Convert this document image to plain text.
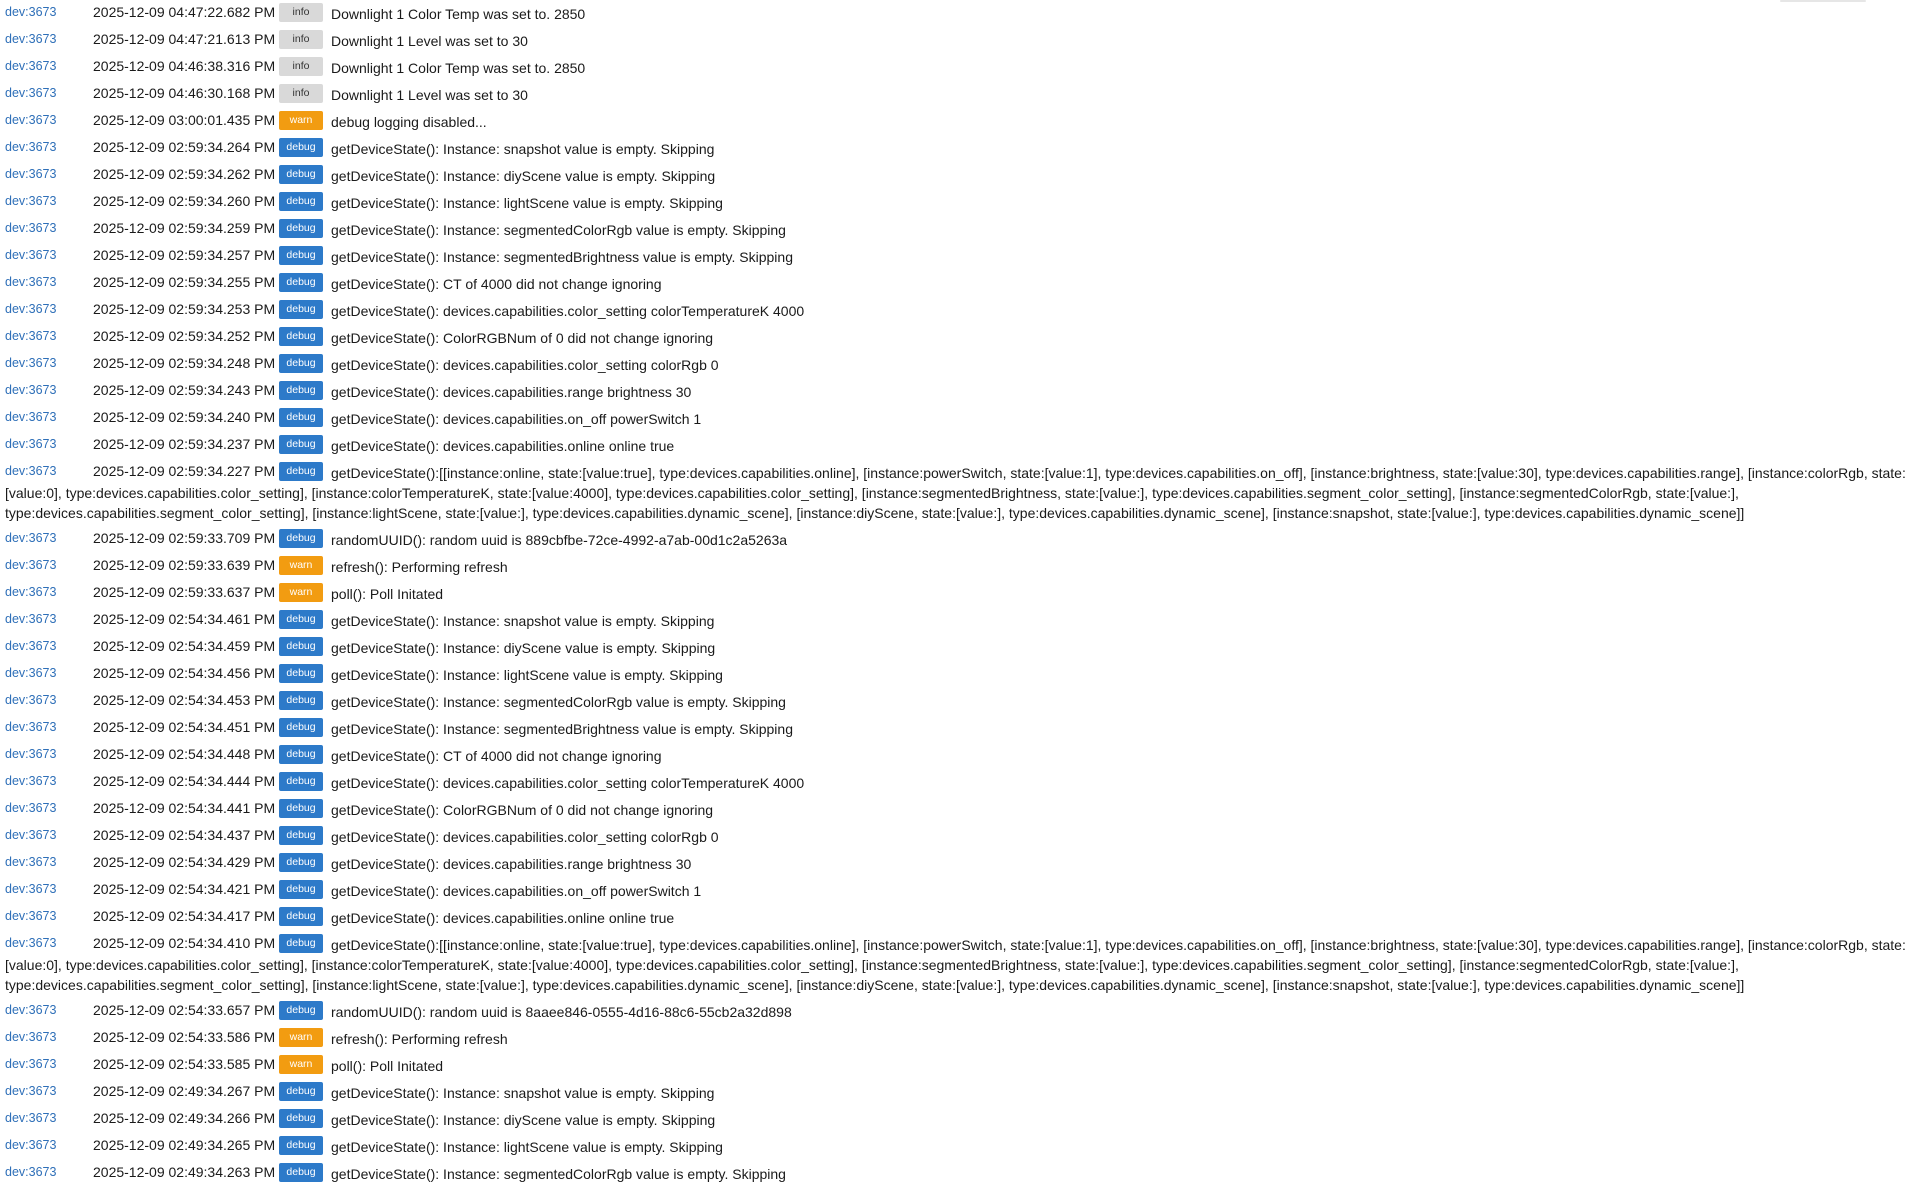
dev:3673	2025-12-09 04:47:22.682 PM	info	Downlight 1 Color Temp was set to. 2850
dev:3673	2025-12-09 04:47:21.613 PM	info	Downlight 1 Level was set to 30
dev:3673	2025-12-09 04:46:38.316 PM	info	Downlight 1 Color Temp was set to. 2850
dev:3673	2025-12-09 04:46:30.168 PM	info	Downlight 1 Level was set to 30
dev:3673	2025-12-09 03:00:01.435 PM	warn	debug logging disabled...
dev:3673	2025-12-09 02:59:34.264 PM	debug	getDeviceState(): Instance: snapshot value is empty. Skipping
dev:3673	2025-12-09 02:59:34.262 PM	debug	getDeviceState(): Instance: diyScene value is empty. Skipping
dev:3673	2025-12-09 02:59:34.260 PM	debug	getDeviceState(): Instance: lightScene value is empty. Skipping
dev:3673	2025-12-09 02:59:34.259 PM	debug	getDeviceState(): Instance: segmentedColorRgb value is empty. Skipping
dev:3673	2025-12-09 02:59:34.257 PM	debug	getDeviceState(): Instance: segmentedBrightness value is empty. Skipping
dev:3673	2025-12-09 02:59:34.255 PM	debug	getDeviceState(): CT of 4000 did not change ignoring
dev:3673	2025-12-09 02:59:34.253 PM	debug	getDeviceState(): devices.capabilities.color_setting colorTemperatureK 4000
dev:3673	2025-12-09 02:59:34.252 PM	debug	getDeviceState(): ColorRGBNum of 0 did not change ignoring
dev:3673	2025-12-09 02:59:34.248 PM	debug	getDeviceState(): devices.capabilities.color_setting colorRgb 0
dev:3673	2025-12-09 02:59:34.243 PM	debug	getDeviceState(): devices.capabilities.range brightness 30
dev:3673	2025-12-09 02:59:34.240 PM	debug	getDeviceState(): devices.capabilities.on_off powerSwitch 1
dev:3673	2025-12-09 02:59:34.237 PM	debug	getDeviceState(): devices.capabilities.online online true
dev:3673	2025-12-09 02:59:34.227 PM	debug	getDeviceState():[[instance:online, state:[value:true], type:devices.capabilities.online], [instance:powerSwitch, state:[value:1], type:devices.capabilities.on_off], [instance:brightness, state:[value:30], type:devices.capabilities.range], [instance:colorRgb, state:[value:0], type:devices.capabilities.color_setting], [instance:colorTemperatureK, state:[value:4000], type:devices.capabilities.color_setting], [instance:segmentedBrightness, state:[value:], type:devices.capabilities.segment_color_setting], [instance:segmentedColorRgb, state:[value:], type:devices.capabilities.segment_color_setting], [instance:lightScene, state:[value:], type:devices.capabilities.dynamic_scene], [instance:diyScene, state:[value:], type:devices.capabilities.dynamic_scene], [instance:snapshot, state:[value:], type:devices.capabilities.dynamic_scene]]
dev:3673	2025-12-09 02:59:33.709 PM	debug	randomUUID(): random uuid is 889cbfbe-72ce-4992-a7ab-00d1c2a5263a
dev:3673	2025-12-09 02:59:33.639 PM	warn	refresh(): Performing refresh
dev:3673	2025-12-09 02:59:33.637 PM	warn	poll(): Poll Initated
dev:3673	2025-12-09 02:54:34.461 PM	debug	getDeviceState(): Instance: snapshot value is empty. Skipping
dev:3673	2025-12-09 02:54:34.459 PM	debug	getDeviceState(): Instance: diyScene value is empty. Skipping
dev:3673	2025-12-09 02:54:34.456 PM	debug	getDeviceState(): Instance: lightScene value is empty. Skipping
dev:3673	2025-12-09 02:54:34.453 PM	debug	getDeviceState(): Instance: segmentedColorRgb value is empty. Skipping
dev:3673	2025-12-09 02:54:34.451 PM	debug	getDeviceState(): Instance: segmentedBrightness value is empty. Skipping
dev:3673	2025-12-09 02:54:34.448 PM	debug	getDeviceState(): CT of 4000 did not change ignoring
dev:3673	2025-12-09 02:54:34.444 PM	debug	getDeviceState(): devices.capabilities.color_setting colorTemperatureK 4000
dev:3673	2025-12-09 02:54:34.441 PM	debug	getDeviceState(): ColorRGBNum of 0 did not change ignoring
dev:3673	2025-12-09 02:54:34.437 PM	debug	getDeviceState(): devices.capabilities.color_setting colorRgb 0
dev:3673	2025-12-09 02:54:34.429 PM	debug	getDeviceState(): devices.capabilities.range brightness 30
dev:3673	2025-12-09 02:54:34.421 PM	debug	getDeviceState(): devices.capabilities.on_off powerSwitch 1
dev:3673	2025-12-09 02:54:34.417 PM	debug	getDeviceState(): devices.capabilities.online online true
dev:3673	2025-12-09 02:54:34.410 PM	debug	getDeviceState():[[instance:online, state:[value:true], type:devices.capabilities.online], [instance:powerSwitch, state:[value:1], type:devices.capabilities.on_off], [instance:brightness, state:[value:30], type:devices.capabilities.range], [instance:colorRgb, state:[value:0], type:devices.capabilities.color_setting], [instance:colorTemperatureK, state:[value:4000], type:devices.capabilities.color_setting], [instance:segmentedBrightness, state:[value:], type:devices.capabilities.segment_color_setting], [instance:segmentedColorRgb, state:[value:], type:devices.capabilities.segment_color_setting], [instance:lightScene, state:[value:], type:devices.capabilities.dynamic_scene], [instance:diyScene, state:[value:], type:devices.capabilities.dynamic_scene], [instance:snapshot, state:[value:], type:devices.capabilities.dynamic_scene]]
dev:3673	2025-12-09 02:54:33.657 PM	debug	randomUUID(): random uuid is 8aaee846-0555-4d16-88c6-55cb2a32d898
dev:3673	2025-12-09 02:54:33.586 PM	warn	refresh(): Performing refresh
dev:3673	2025-12-09 02:54:33.585 PM	warn	poll(): Poll Initated
dev:3673	2025-12-09 02:49:34.267 PM	debug	getDeviceState(): Instance: snapshot value is empty. Skipping
dev:3673	2025-12-09 02:49:34.266 PM	debug	getDeviceState(): Instance: diyScene value is empty. Skipping
dev:3673	2025-12-09 02:49:34.265 PM	debug	getDeviceState(): Instance: lightScene value is empty. Skipping
dev:3673	2025-12-09 02:49:34.263 PM	debug	getDeviceState(): Instance: segmentedColorRgb value is empty. Skipping
